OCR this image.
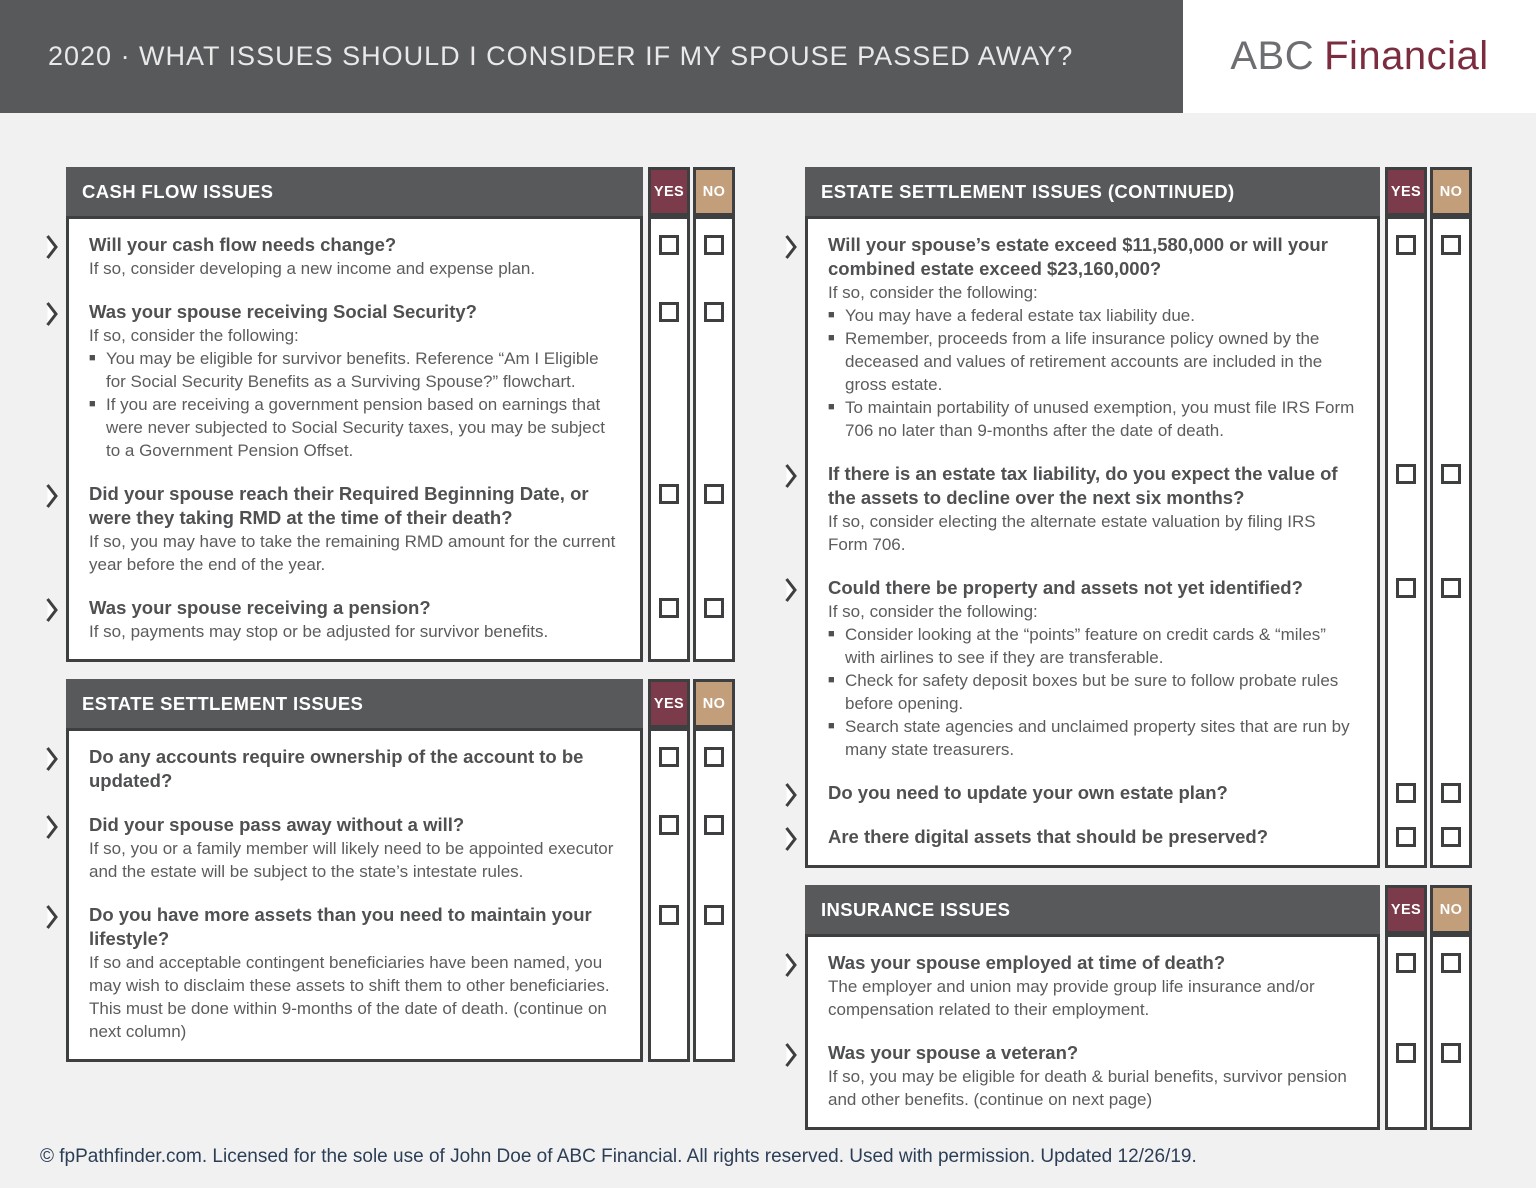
2020 · WHAT ISSUES SHOULD I CONSIDER IF MY SPOUSE PASSED AWAY?	ABC Financial
CASH FLOW ISSUES	YES	NO
Will your cash flow needs change?
If so, consider developing a new income and expense plan.
Was your spouse receiving Social Security?
If so, consider the following:
■ You may be eligible for survivor benefits. Reference “Am I Eligible for Social Security Benefits as a Surviving Spouse?” flowchart.
■ If you are receiving a government pension based on earnings that were never subjected to Social Security taxes, you may be subject to a Government Pension Offset.
Did your spouse reach their Required Beginning Date, or were they taking RMD at the time of their death?
If so, you may have to take the remaining RMD amount for the current year before the end of the year.
Was your spouse receiving a pension?
If so, payments may stop or be adjusted for survivor benefits.
ESTATE SETTLEMENT ISSUES	YES	NO
Do any accounts require ownership of the account to be updated?
Did your spouse pass away without a will?
If so, you or a family member will likely need to be appointed executor and the estate will be subject to the state’s intestate rules.
Do you have more assets than you need to maintain your lifestyle?
If so and acceptable contingent beneficiaries have been named, you may wish to disclaim these assets to shift them to other beneficiaries. This must be done within 9-months of the date of death. (continue on next column)
ESTATE SETTLEMENT ISSUES (CONTINUED)	YES	NO
Will your spouse’s estate exceed $11,580,000 or will your combined estate exceed $23,160,000?
If so, consider the following:
■ You may have a federal estate tax liability due.
■ Remember, proceeds from a life insurance policy owned by the deceased and values of retirement accounts are included in the gross estate.
■ To maintain portability of unused exemption, you must file IRS Form 706 no later than 9-months after the date of death.
If there is an estate tax liability, do you expect the value of the assets to decline over the next six months?
If so, consider electing the alternate estate valuation by filing IRS Form 706.
Could there be property and assets not yet identified?
If so, consider the following:
■ Consider looking at the “points” feature on credit cards & “miles” with airlines to see if they are transferable.
■ Check for safety deposit boxes but be sure to follow probate rules before opening.
■ Search state agencies and unclaimed property sites that are run by many state treasurers.
Do you need to update your own estate plan?
Are there digital assets that should be preserved?
INSURANCE ISSUES	YES	NO
Was your spouse employed at time of death?
The employer and union may provide group life insurance and/or compensation related to their employment.
Was your spouse a veteran?
If so, you may be eligible for death & burial benefits, survivor pension and other benefits. (continue on next page)
© fpPathfinder.com. Licensed for the sole use of John Doe of ABC Financial. All rights reserved. Used with permission. Updated 12/26/19.
